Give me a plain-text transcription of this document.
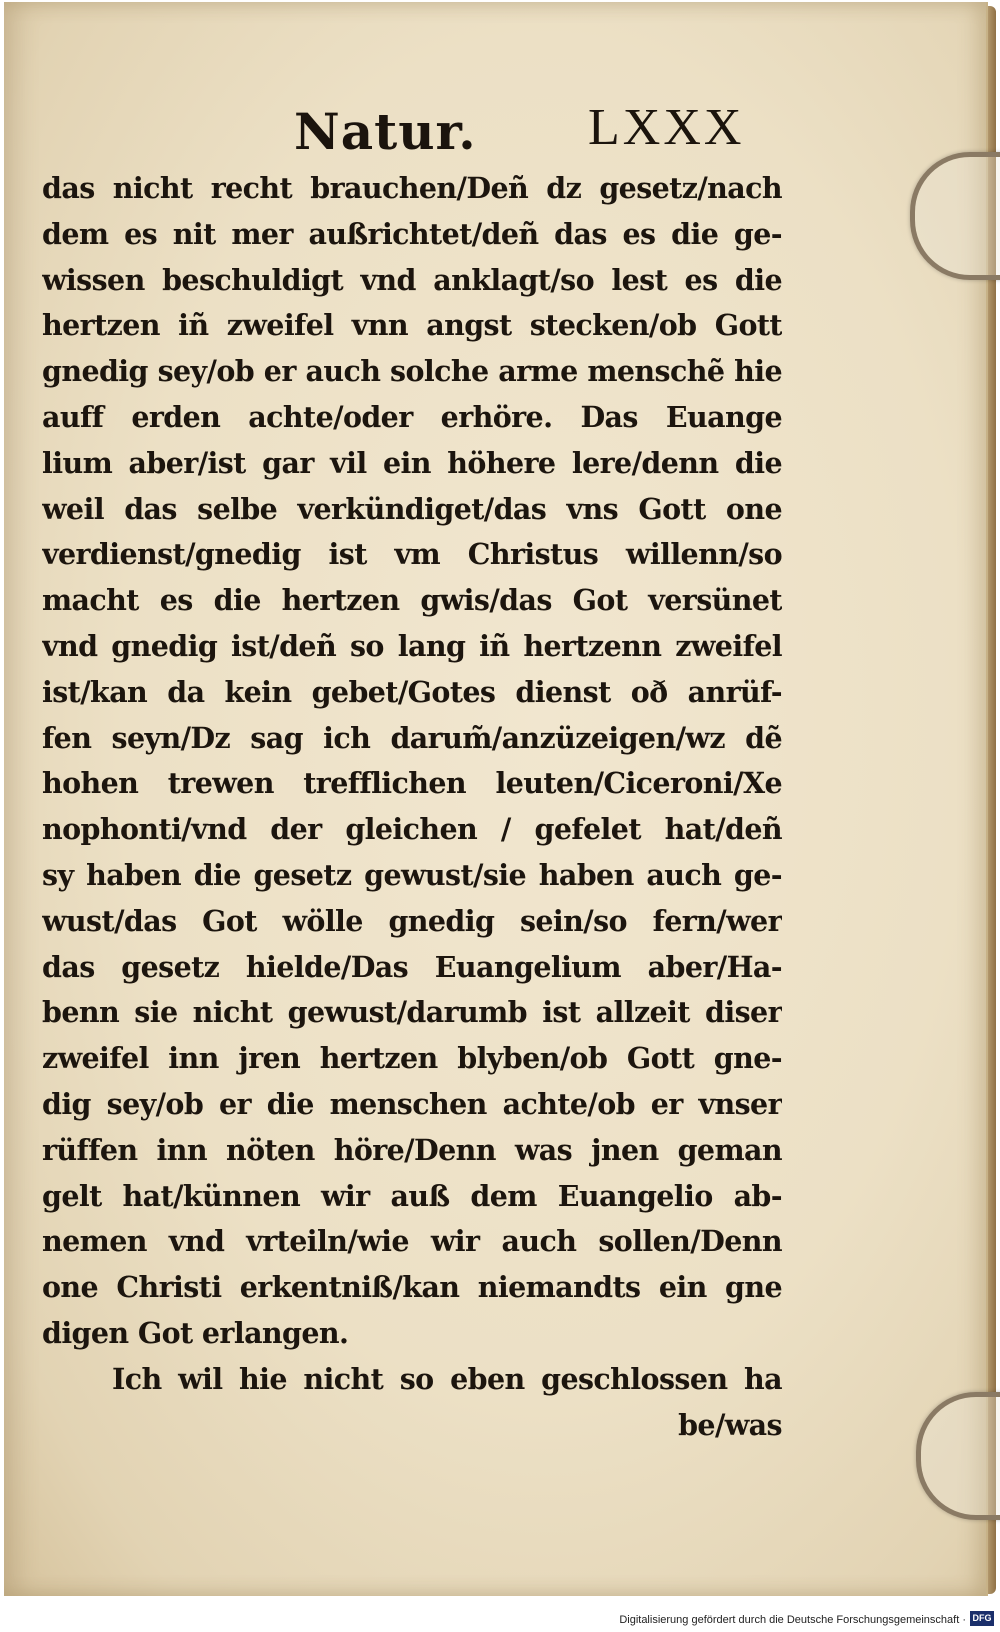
Natur. LXXX
das nicht recht brauchen/Deñ dz gesetz/nach
dem es nit mer außrichtet/deñ das es die ge-
wissen beschuldigt vnd anklagt/so lest es die
hertzen iñ zweifel vnn angst stecken/ob Gott
gnedig sey/ob er auch solche arme menschẽ hie
auff erden achte/oder erhöre. Das Euange
lium aber/ist gar vil ein höhere lere/denn die
weil das selbe verkündiget/das vns Gott one
verdienst/gnedig ist vm Christus willenn/so
macht es die hertzen gwis/das Got versünet
vnd gnedig ist/deñ so lang iñ hertzenn zweifel
ist/kan da kein gebet/Gotes dienst oð anrüf-
fen seyn/Dz sag ich darum̃/anzüzeigen/wz dẽ
hohen trewen trefflichen leuten/Ciceroni/Xe
nophonti/vnd der gleichen / gefelet hat/deñ
sy haben die gesetz gewust/sie haben auch ge-
wust/das Got wölle gnedig sein/so fern/wer
das gesetz hielde/Das Euangelium aber/Ha-
benn sie nicht gewust/darumb ist allzeit diser
zweifel inn jren hertzen blyben/ob Gott gne-
dig sey/ob er die menschen achte/ob er vnser
rüffen inn nöten höre/Denn was jnen geman
gelt hat/künnen wir auß dem Euangelio ab-
nemen vnd vrteiln/wie wir auch sollen/Denn
one Christi erkentniß/kan niemandts ein gne
digen Got erlangen.
Ich wil hie nicht so eben geschlossen ha
be/was
Digitalisierung gefördert durch die Deutsche Forschungsgemeinschaft · DFG
